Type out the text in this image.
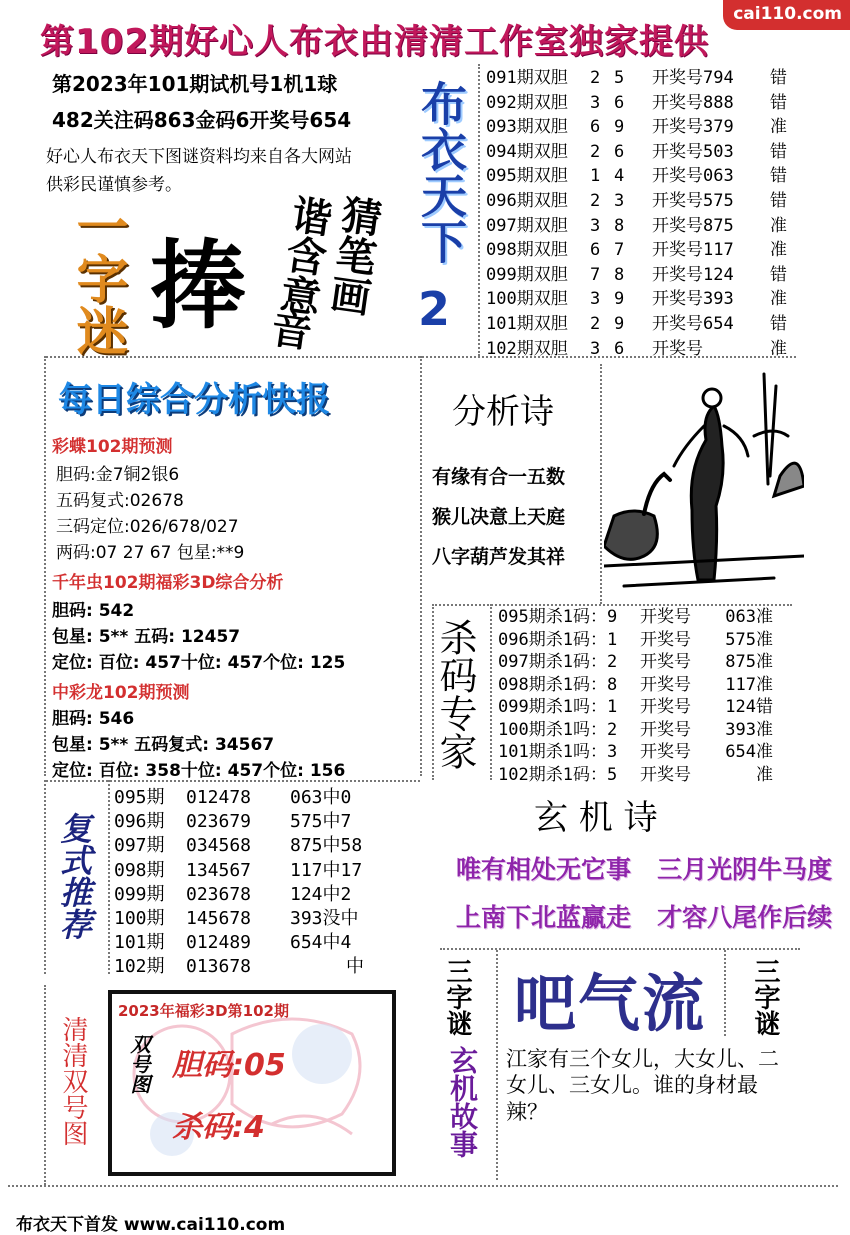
第102期好心人布衣由清清工作室独家提供
cai110.com
第2023年101期试机号1机1球
482关注码863金码6开奖号654
好心人布衣天下图谜资料均来自各大网站
供彩民谨慎参考。
一字迷 捧 猜笔画
谐含意
音
布衣天下
2
091期双胆 2 5 开奖号794 错
092期双胆 3 6 开奖号888 错
093期双胆 6 9 开奖号379 准
094期双胆 2 6 开奖号503 错
095期双胆 1 4 开奖号063 错
096期双胆 2 3 开奖号575 错
097期双胆 3 8 开奖号875 准
098期双胆 6 7 开奖号117 准
099期双胆 7 8 开奖号124 错
100期双胆 3 9 开奖号393 准
101期双胆 2 9 开奖号654 错
102期双胆 3 6 开奖号	准
每日综合分析快报
彩蝶102期预测
胆码:金7铜2银6
五码复式:02678
三码定位:026/678/027
两码:07 27 67 包星:**9
千年虫102期福彩3D综合分析
胆码: 542
包星: 5** 五码: 12457
定位: 百位: 457十位: 457个位: 125
中彩龙102期预测
胆码: 546
包星: 5** 五码复式: 34567
定位: 百位: 358十位: 457个位: 156
分析诗
有缘有合一五数
猴儿决意上天庭
八字葫芦发其祥
杀码专家
095期杀1码：9 开奖号 063准
096期杀1码：1 开奖号 575准
097期杀1码：2 开奖号 875准
098期杀1码：8 开奖号 117准
099期杀1吗：1 开奖号 124错
100期杀1吗：2 开奖号 393准
101期杀1吗：3 开奖号 654准
102期杀1码：5 开奖号	准
复式推荐
095期 012478 063中0
096期 023679 575中7
097期 034568 875中58
098期 134567 117中17
099期 023678 124中2
100期 145678 393没中
101期 012489 654中4
102期 013678	中
玄 机 诗
唯有相处无它事   三月光阴牛马度
上南下北蓝赢走   才容八尾作后续
清清双号图
2023年福彩3D第102期
双号图 胆码:05
杀码:4
三字谜 吧气流 三字谜
玄机故事 江家有三个女儿，大女儿、二女儿、三女儿。谁的身材最辣？
布衣天下首发 www.cai110.com
